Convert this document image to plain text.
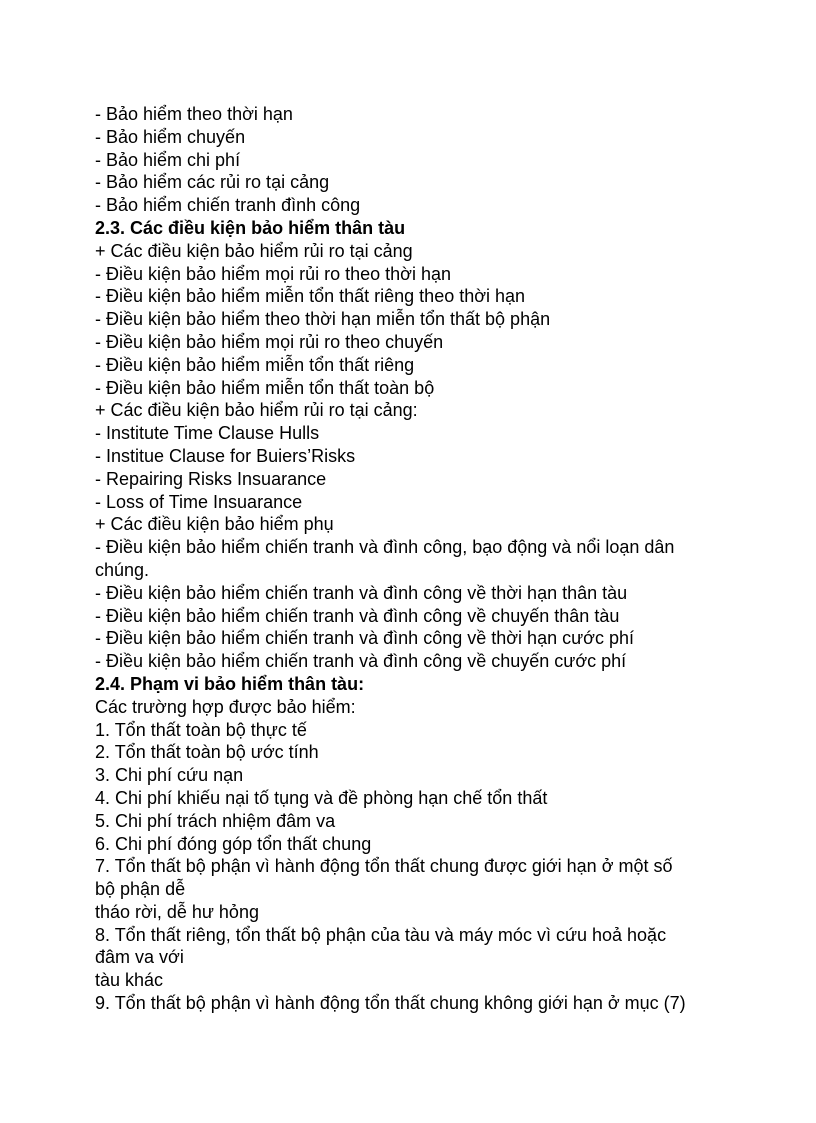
- Bảo hiểm theo thời hạn

- Bảo hiểm chuyến

- Bảo hiểm chi phí

- Bảo hiểm các rủi ro tại cảng

- Bảo hiểm chiến tranh đình công

2.3. Các điều kiện bảo hiểm thân tàu

+ Các điều kiện bảo hiểm rủi ro tại cảng

- Điều kiện bảo hiểm mọi rủi ro theo thời hạn

- Điều kiện bảo hiểm miễn tổn thất riêng theo thời hạn

- Điều kiện bảo hiểm theo thời hạn miễn tổn thất bộ phận

- Điều kiện bảo hiểm mọi rủi ro theo chuyến

- Điều kiện bảo hiểm miễn tổn thất riêng

- Điều kiện bảo hiểm miễn tổn thất toàn bộ

+ Các điều kiện bảo hiểm rủi ro tại cảng:

- Institute Time Clause Hulls

- Institue Clause for Buiers’Risks

- Repairing Risks Insuarance

- Loss of Time Insuarance

+ Các điều kiện bảo hiểm phụ

- Điều kiện bảo hiểm chiến tranh và đình công, bạo động và nổi loạn dân

chúng.

- Điều kiện bảo hiểm chiến tranh và đình công về thời hạn thân tàu

- Điều kiện bảo hiểm chiến tranh và đình công về chuyến thân tàu

- Điều kiện bảo hiểm chiến tranh và đình công về thời hạn cước phí

- Điều kiện bảo hiểm chiến tranh và đình công về chuyến cước phí

2.4. Phạm vi bảo hiểm thân tàu:

Các trường hợp được bảo hiểm:

1. Tổn thất toàn bộ thực tế

2. Tổn thất toàn bộ ước tính

3. Chi phí cứu nạn

4. Chi phí khiếu nại tố tụng và đề phòng hạn chế tổn thất

5. Chi phí trách nhiệm đâm va

6. Chi phí đóng góp tổn thất chung

7. Tổn thất bộ phận vì hành động tổn thất chung được giới hạn ở một số

bộ phận dễ

tháo rời, dễ hư hỏng

8. Tổn thất riêng, tổn thất bộ phận của tàu và máy móc vì cứu hoả hoặc

đâm va với

tàu khác

9. Tổn thất bộ phận vì hành động tổn thất chung không giới hạn ở mục (7)
